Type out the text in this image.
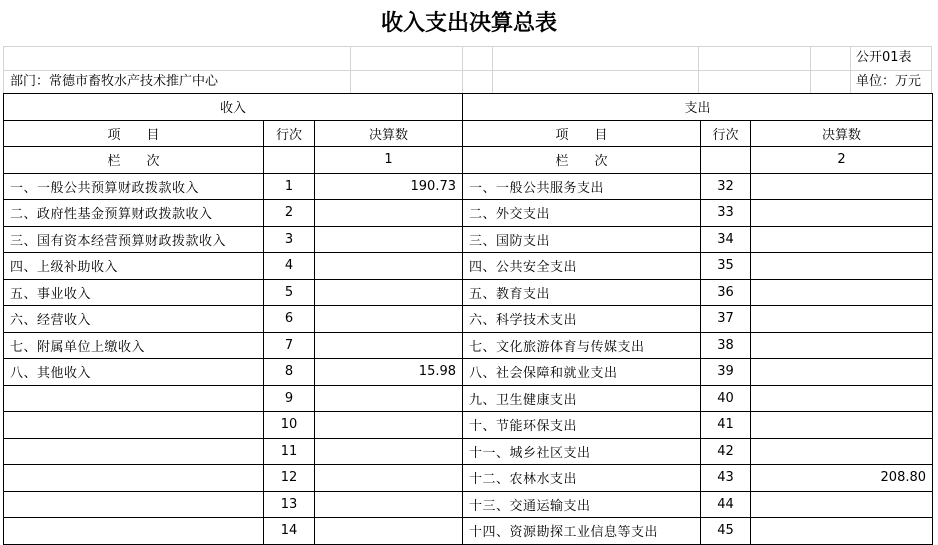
收入支出决算总表
公开01表
部门：常德市畜牧水产技术推广中心	单位：万元
收入			支出		
项　　目	行次	决算数	项　　目	行次	决算数
栏　　次		1	栏　　次		2
一、一般公共预算财政拨款收入	1	190.73	一、一般公共服务支出	32	
二、政府性基金预算财政拨款收入	2		二、外交支出	33	
三、国有资本经营预算财政拨款收入	3		三、国防支出	34	
四、上级补助收入	4		四、公共安全支出	35	
五、事业收入	5		五、教育支出	36	
六、经营收入	6		六、科学技术支出	37	
七、附属单位上缴收入	7		七、文化旅游体育与传媒支出	38	
八、其他收入	8	15.98	八、社会保障和就业支出	39	
	9		九、卫生健康支出	40	
	10		十、节能环保支出	41	
	11		十一、城乡社区支出	42	
	12		十二、农林水支出	43	208.80
	13		十三、交通运输支出	44	
	14		十四、资源勘探工业信息等支出	45	
